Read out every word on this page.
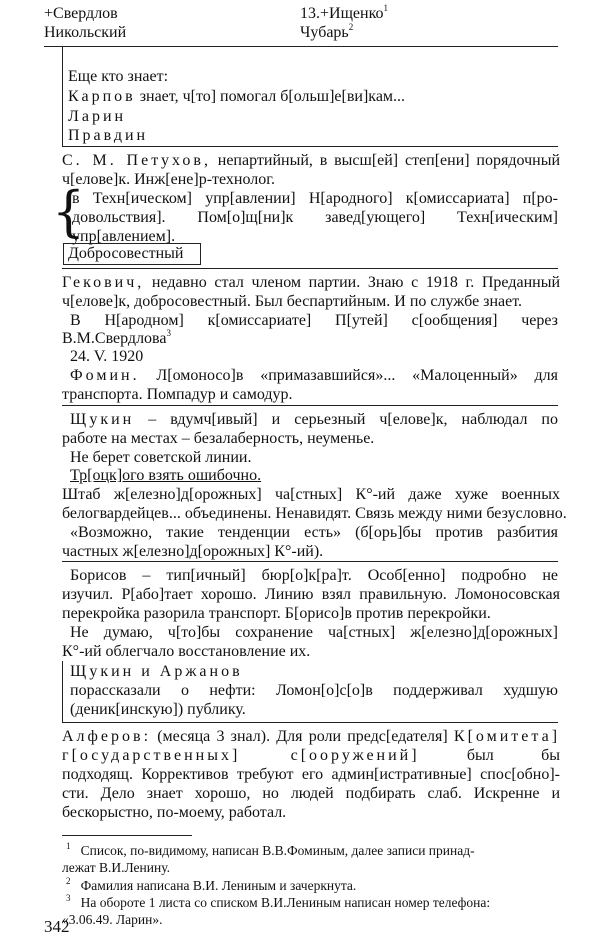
+Свердлов
Никольский
13.+Ищенко$^1$
Чубарь$^2$
Еще кто знает:
Карпов знает, ч[то] помогал б[ольш]е[ви]кам...
Ларин
Правдин
С. М. Петухов, непартийный, в высш[ей] степ[ени] порядочный
ч[елове]к. Инж[ене]р-технолог.
{
в Техн[ическом] упр[авлении] Н[ародного] к[омиссариата] п[ро-
довольствия]. Пом[о]щ[ни]к завед[ующего] Техн[ическим]
упр[авлением].
Добросовестный
Гекович, недавно стал членом партии. Знаю с 1918 г. Преданный
ч[елове]к, добросовестный. Был беспартийным. И по службе знает.
В Н[ародном] к[омиссариате] П[утей] с[ообщения] через
В.М.Свердлова$^3$
24. V. 1920
Фомин. Л[омоносо]в «примазавшийся»... «Малоценный» для
транспорта. Помпадур и самодур.
Щукин – вдумч[ивый] и серьезный ч[елове]к, наблюдал по
работе на местах – безалаберность, неуменье.
Не берет советской линии.
Тр[оцк]ого взять ошибочно.
Штаб ж[елезно]д[орожных] ча[стных] К°-ий даже хуже военных
белогвардейцев... объединены. Ненавидят. Связь между ними безусловно.
«Возможно, такие тенденции есть» (б[орь]бы против разбития
частных ж[елезно]д[орожных] К°-ий).
Борисов – тип[ичный] бюр[о]к[ра]т. Особ[енно] подробно не
изучил. Р[або]тает хорошо. Линию взял правильную. Ломоносовская
перекройка разорила транспорт. Б[орисо]в против перекройки.
Не думаю, ч[то]бы сохранение ча[стных] ж[елезно]д[орожных]
К°-ий облегчало восстановление их.
Щукин и Аржанов
порассказали о нефти: Ломон[о]с[о]в поддерживал худшую
(деник[инскую]) публику.
Алферов: (месяца 3 знал). Для роли предс[едателя] К[омитета]
г[осударственных] с[ооружений]	был бы
подходящ. Коррективов требуют его админ[истративные] спос[обно]-
сти. Дело знает хорошо, но людей подбирать слаб. Искренне и
бескорыстно, по-моему, работал.
$^1$ Список, по-видимому, написан В.В.Фоминым, далее записи принад-
лежат В.И.Ленину.
$^2$ Фамилия написана В.И. Лениным и зачеркнута.
$^3$ На обороте 1 листа со списком В.И.Лениным написан номер телефона:
«3.06.49. Ларин».
342
